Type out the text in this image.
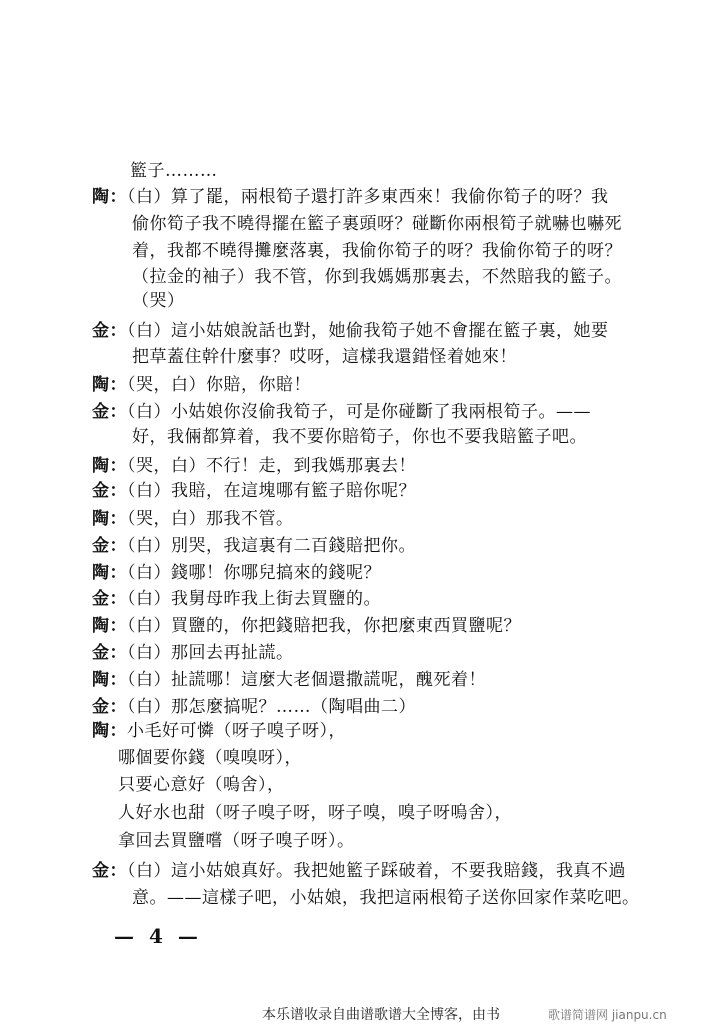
籃子………
陶：（白）算了罷，兩根筍子還打許多東西來！我偷你筍子的呀？我
偷你筍子我不曉得擺在籃子裏頭呀？碰斷你兩根筍子就嚇也嚇死
着，我都不曉得攤麼落裏，我偷你筍子的呀？我偷你筍子的呀？
（拉金的袖子）我不管，你到我媽媽那裏去，不然賠我的籃子。
（哭）
金：（白）這小姑娘說話也對，她偷我筍子她不會擺在籃子裏，她要
把草蓋住幹什麼事？哎呀，這樣我還錯怪着她來！
陶：（哭，白）你賠，你賠！
金：（白）小姑娘你沒偷我筍子，可是你碰斷了我兩根筍子。——
好，我倆都算着，我不要你賠筍子，你也不要我賠籃子吧。
陶：（哭，白）不行！走，到我媽那裏去！
金：（白）我賠，在這塊哪有籃子賠你呢？
陶：（哭，白）那我不管。
金：（白）別哭，我這裏有二百錢賠把你。
陶：（白）錢哪！你哪兒搞來的錢呢？
金：（白）我舅母昨我上街去買鹽的。
陶：（白）買鹽的，你把錢賠把我，你把麼東西買鹽呢？
金：（白）那回去再扯謊。
陶：（白）扯謊哪！這麼大老個還撒謊呢，醜死着！
金：（白）那怎麼搞呢？……（陶唱曲二）
陶：小毛好可憐（呀子嗅子呀），
哪個要你錢（嗅嗅呀），
只要心意好（嗚舍），
人好水也甜（呀子嗅子呀，呀子嗅，嗅子呀嗚舍），
拿回去買鹽嚐（呀子嗅子呀）。
金：（白）這小姑娘真好。我把她籃子踩破着，不要我賠錢，我真不過
意。——這樣子吧，小姑娘，我把這兩根筍子送你回家作菜吃吧。
— 4 —
本乐谱收录自曲谱歌谱大全博客，由书	歌谱简谱网 jianpu.cn
